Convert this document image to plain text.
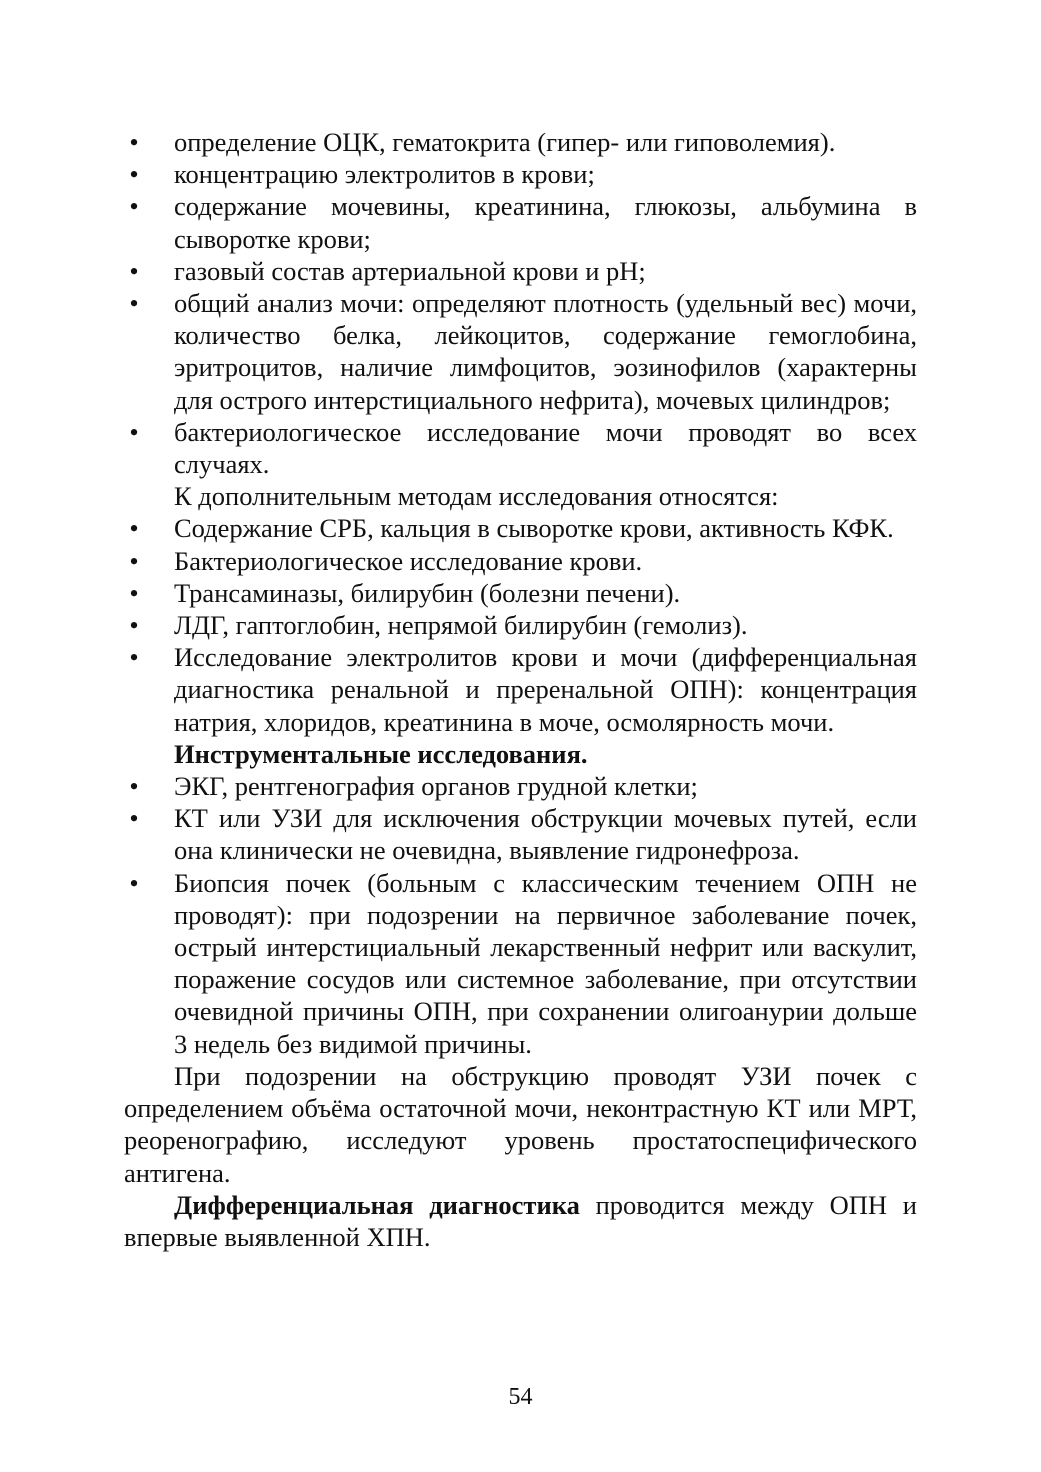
• определение ОЦК, гематокрита (гипер- или гиповолемия).
• концентрацию электролитов в крови;
• содержание мочевины, креатинина, глюкозы, альбумина в сыворотке крови;
• газовый состав артериальной крови и рН;
• общий анализ мочи: определяют плотность (удельный вес) мочи, количество белка, лейкоцитов, содержание гемоглобина, эритроцитов, наличие лимфоцитов, эозинофилов (характерны для острого интерстициального нефрита), мочевых цилиндров;
• бактериологическое исследование мочи проводят во всех случаях.
К дополнительным методам исследования относятся:
• Содержание СРБ, кальция в сыворотке крови, активность КФК.
• Бактериологическое исследование крови.
• Трансаминазы, билирубин (болезни печени).
• ЛДГ, гаптоглобин, непрямой билирубин (гемолиз).
• Исследование электролитов крови и мочи (дифференциальная диагностика ренальной и преренальной ОПН): концентрация натрия, хлоридов, креатинина в моче, осмолярность мочи.
Инструментальные исследования.
• ЭКГ, рентгенография органов грудной клетки;
• КТ или УЗИ для исключения обструкции мочевых путей, если она клинически не очевидна, выявление гидронефроза.
• Биопсия почек (больным с классическим течением ОПН не проводят): при подозрении на первичное заболевание почек, острый интерстициальный лекарственный нефрит или васкулит, поражение сосудов или системное заболевание, при отсутствии очевидной причины ОПН, при сохранении олигоанурии дольше 3 недель без видимой причины.
При подозрении на обструкцию проводят УЗИ почек с определением объёма остаточной мочи, неконтрастную КТ или МРТ, реоренографию, исследуют уровень простатоспецифического антигена.
Дифференциальная диагностика проводится между ОПН и впервые выявленной ХПН.
54
